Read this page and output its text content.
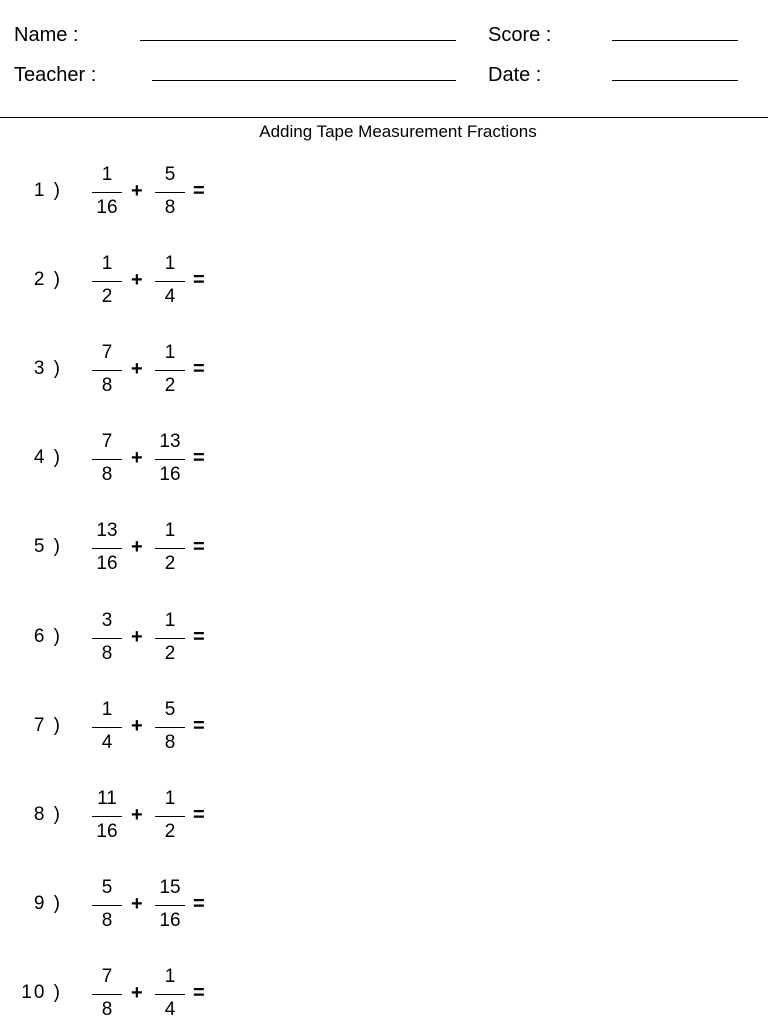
Name :	Score :
Teacher :	Date :
Adding Tape Measurement Fractions
1 )
1
16
+
5
8
=
2 )
1
2
+
1
4
=
3 )
7
8
+
1
2
=
4 )
7
8
+
13
16
=
5 )
13
16
+
1
2
=
6 )
3
8
+
1
2
=
7 )
1
4
+
5
8
=
8 )
11
16
+
1
2
=
9 )
5
8
+
15
16
=
10 )
7
8
+
1
4
=
